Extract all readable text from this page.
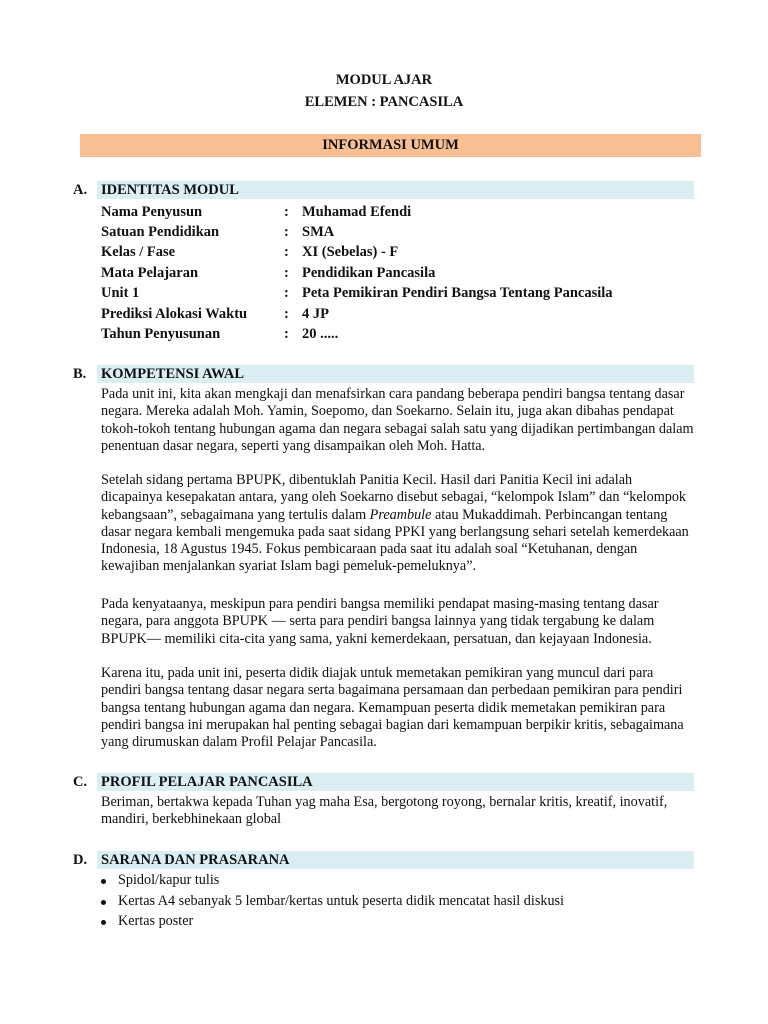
MODUL AJAR
ELEMEN : PANCASILA
INFORMASI UMUM
A. IDENTITAS MODUL
Nama Penyusun	: Muhamad Efendi
Satuan Pendidikan	: SMA
Kelas / Fase	: XI (Sebelas) - F
Mata Pelajaran	: Pendidikan Pancasila
Unit 1	: Peta Pemikiran Pendiri Bangsa Tentang Pancasila
Prediksi Alokasi Waktu	: 4 JP
Tahun Penyusunan	: 20 .....
B. KOMPETENSI AWAL

Pada unit ini, kita akan mengkaji dan menafsirkan cara pandang beberapa pendiri bangsa tentang dasar negara. Mereka adalah Moh. Yamin, Soepomo, dan Soekarno. Selain itu, juga akan dibahas pendapat tokoh-tokoh tentang hubungan agama dan negara sebagai salah satu yang dijadikan pertimbangan dalam penentuan dasar negara, seperti yang disampaikan oleh Moh. Hatta.

Setelah sidang pertama BPUPK, dibentuklah Panitia Kecil. Hasil dari Panitia Kecil ini adalah dicapainya kesepakatan antara, yang oleh Soekarno disebut sebagai, “kelompok Islam” dan “kelompok kebangsaan”, sebagaimana yang tertulis dalam Preambule atau Mukaddimah. Perbincangan tentang dasar negara kembali mengemuka pada saat sidang PPKI yang berlangsung sehari setelah kemerdekaan Indonesia, 18 Agustus 1945. Fokus pembicaraan pada saat itu adalah soal “Ketuhanan, dengan kewajiban menjalankan syariat Islam bagi pemeluk-pemeluknya”.

Pada kenyataanya, meskipun para pendiri bangsa memiliki pendapat masing-masing tentang dasar negara, para anggota BPUPK — serta para pendiri bangsa lainnya yang tidak tergabung ke dalam BPUPK— memiliki cita-cita yang sama, yakni kemerdekaan, persatuan, dan kejayaan Indonesia.

Karena itu, pada unit ini, peserta didik diajak untuk memetakan pemikiran yang muncul dari para pendiri bangsa tentang dasar negara serta bagaimana persamaan dan perbedaan pemikiran para pendiri bangsa tentang hubungan agama dan negara. Kemampuan peserta didik memetakan pemikiran para pendiri bangsa ini merupakan hal penting sebagai bagian dari kemampuan berpikir kritis, sebagaimana yang dirumuskan dalam Profil Pelajar Pancasila.

C. PROFIL PELAJAR PANCASILA

Beriman, bertakwa kepada Tuhan yag maha Esa, bergotong royong, bernalar kritis, kreatif, inovatif, mandiri, berkebhinekaan global

D. SARANA DAN PRASARANA
Spidol/kapur tulis
Kertas A4 sebanyak 5 lembar/kertas untuk peserta didik mencatat hasil diskusi
Kertas poster
